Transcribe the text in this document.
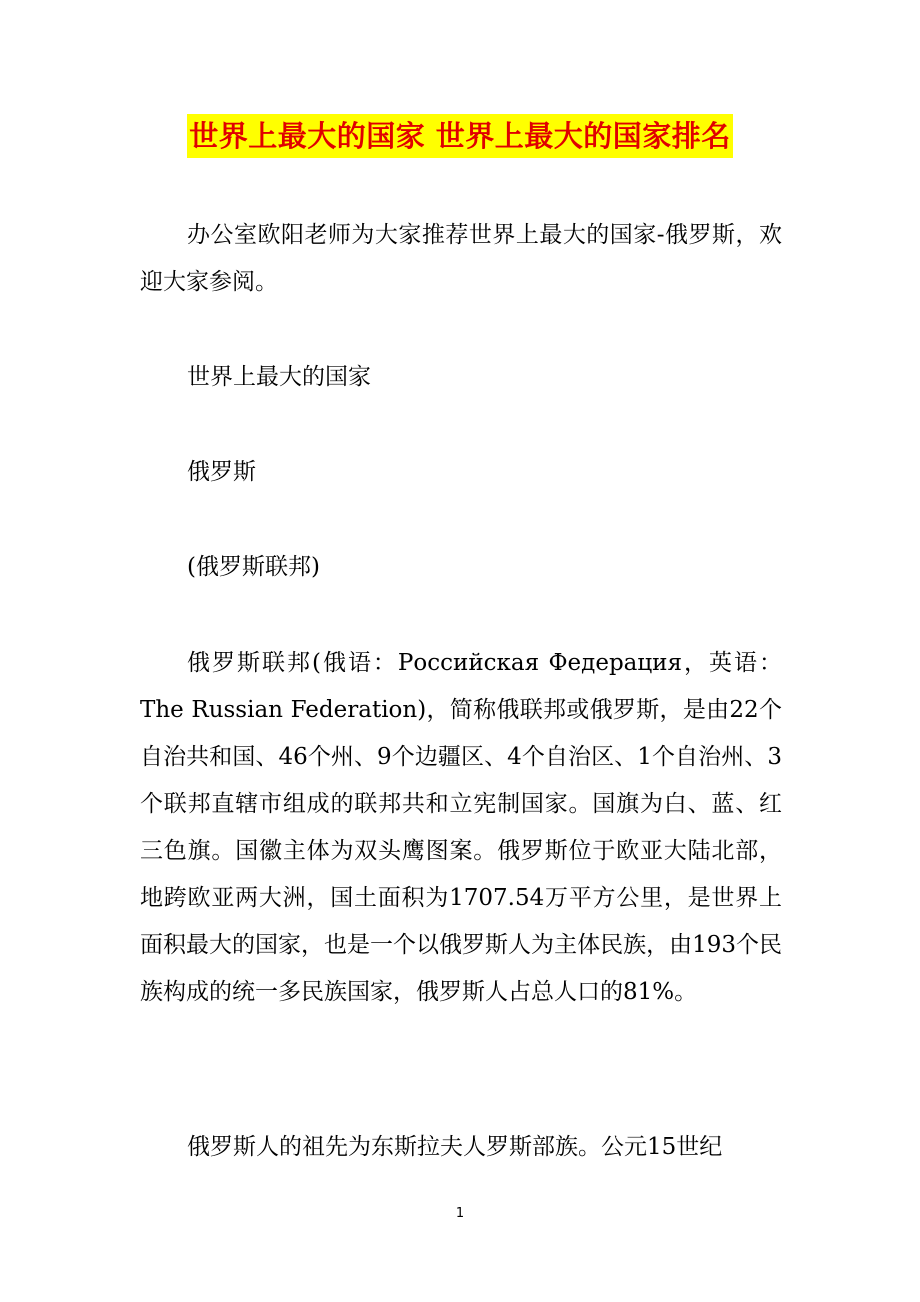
世界上最大的国家 世界上最大的国家排名
办公室欧阳老师为大家推荐世界上最大的国家-俄罗斯，欢迎大家参阅。
世界上最大的国家
俄罗斯
(俄罗斯联邦)
俄罗斯联邦(俄语：Российская Федерация，英语：The Russian Federation)，简称俄联邦或俄罗斯，是由22个自治共和国、46个州、9个边疆区、4个自治区、1个自治州、3个联邦直辖市组成的联邦共和立宪制国家。国旗为白、蓝、红三色旗。国徽主体为双头鹰图案。俄罗斯位于欧亚大陆北部，地跨欧亚两大洲，国土面积为1707.54万平方公里，是世界上面积最大的国家，也是一个以俄罗斯人为主体民族，由193个民族构成的统一多民族国家，俄罗斯人占总人口的81%。
俄罗斯人的祖先为东斯拉夫人罗斯部族。公元15世纪
1
